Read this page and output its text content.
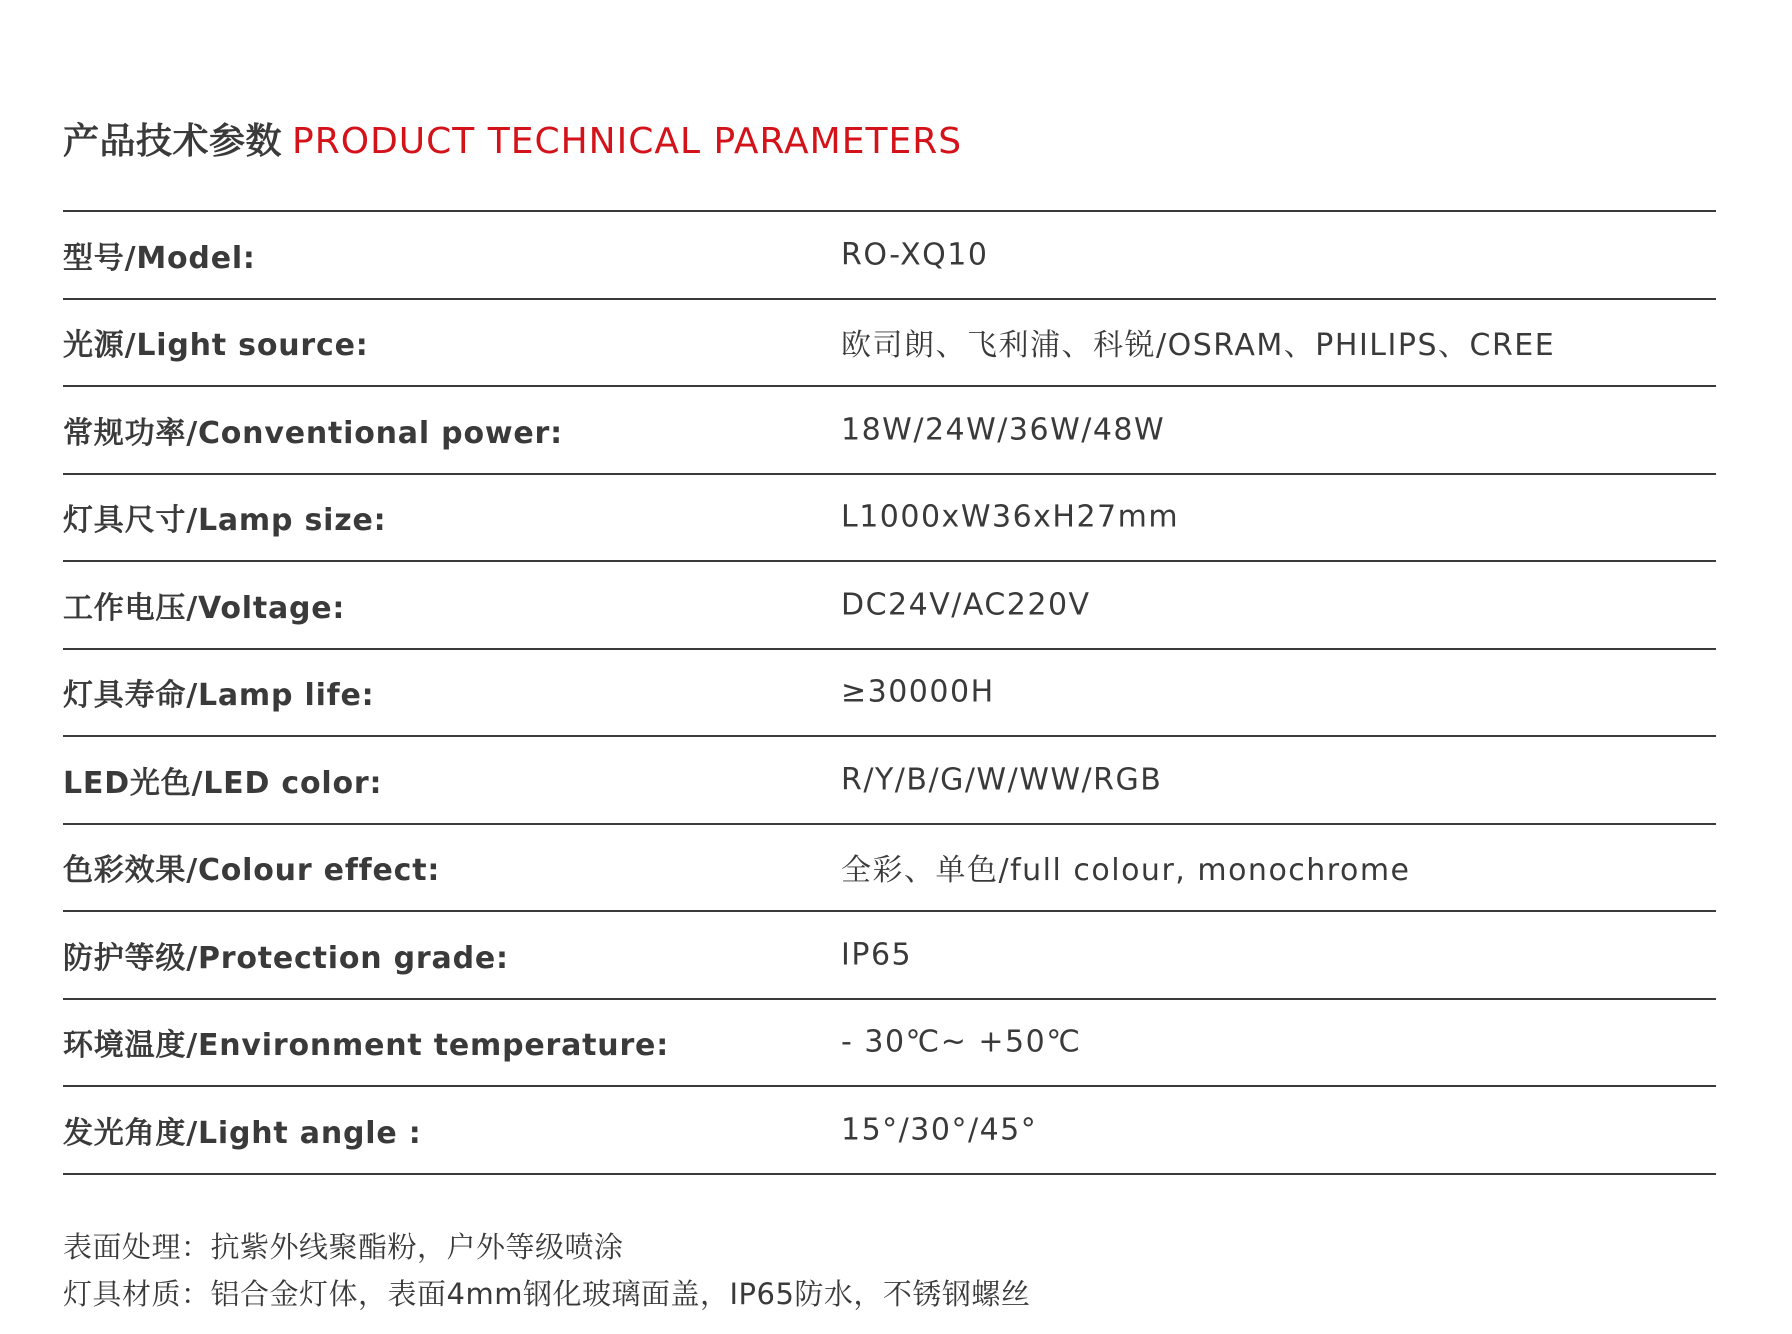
产品技术参数 PRODUCT TECHNICAL PARAMETERS
型号/Model:	RO-XQ10
光源/Light source:	欧司朗、飞利浦、科锐/OSRAM、PHILIPS、CREE
常规功率/Conventional power:	18W/24W/36W/48W
灯具尺寸/Lamp size:	L1000xW36xH27mm
工作电压/Voltage:	DC24V/AC220V
灯具寿命/Lamp life:	≥30000H
LED光色/LED color:	R/Y/B/G/W/WW/RGB
色彩效果/Colour effect:	全彩、单色/full colour, monochrome
防护等级/Protection grade:	IP65
环境温度/Environment temperature:	- 30℃~ +50℃
发光角度/Light angle :	15°/30°/45°
表面处理：抗紫外线聚酯粉，户外等级喷涂
灯具材质：铝合金灯体，表面4mm钢化玻璃面盖，IP65防水，不锈钢螺丝
